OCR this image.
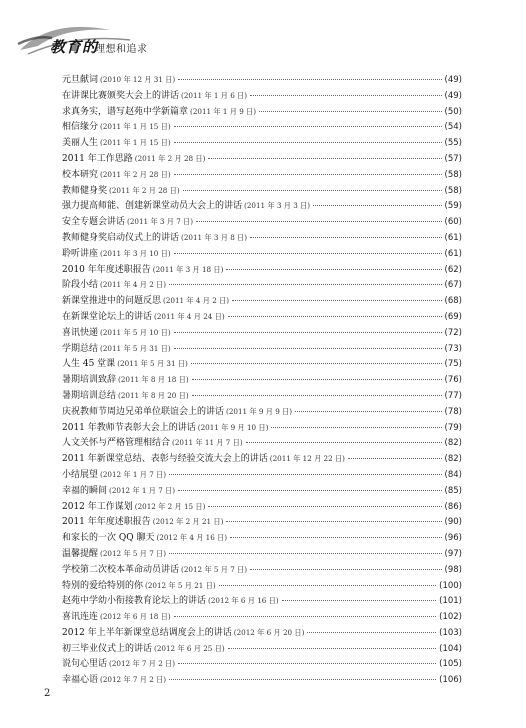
教育的
理想和追求
元旦献词 (2010 年 12 月 31 日)	(49)
在讲课比赛颁奖大会上的讲话 (2011 年 1 月 6 日)	(49)
求真务实，谱写赵苑中学新篇章 (2011 年 1 月 9 日)	(50)
相信缘分 (2011 年 1 月 15 日)	(54)
美丽人生 (2011 年 1 月 15 日)	(55)
2011 年工作思路 (2011 年 2 月 28 日)	(57)
校本研究 (2011 年 2 月 28 日)	(58)
教师健身奖 (2011 年 2 月 28 日)	(58)
强力提高师能、创建新课堂动员大会上的讲话 (2011 年 3 月 3 日)	(59)
安全专题会讲话 (2011 年 3 月 7 日)	(60)
教师健身奖启动仪式上的讲话 (2011 年 3 月 8 日)	(61)
聆听讲座 (2011 年 3 月 10 日)	(61)
2010 年年度述职报告 (2011 年 3 月 18 日)	(62)
阶段小结 (2011 年 4 月 2 日)	(67)
新课堂推进中的问题反思 (2011 年 4 月 2 日)	(68)
在新课堂论坛上的讲话 (2011 年 4 月 24 日)	(69)
喜讯快递 (2011 年 5 月 10 日)	(72)
学期总结 (2011 年 5 月 31 日)	(73)
人生 45 堂课 (2011 年 5 月 31 日)	(75)
暑期培训致辞 (2011 年 8 月 18 日)	(76)
暑期培训总结 (2011 年 8 月 20 日)	(77)
庆祝教师节周边兄弟单位联谊会上的讲话 (2011 年 9 月 9 日)	(78)
2011 年教师节表彰大会上的讲话 (2011 年 9 月 10 日)	(79)
人文关怀与严格管理相结合 (2011 年 11 月 7 日)	(82)
2011 年新课堂总结、表彰与经验交流大会上的讲话 (2011 年 12 月 22 日)	(82)
小结展望 (2012 年 1 月 7 日)	(84)
幸福的瞬间 (2012 年 1 月 7 日)	(85)
2012 年工作谋划 (2012 年 2 月 15 日)	(86)
2011 年年度述职报告 (2012 年 2 月 21 日)	(90)
和家长的一次 QQ 聊天 (2012 年 4 月 16 日)	(96)
温馨提醒 (2012 年 5 月 7 日)	(97)
学校第二次校本革命动员讲话 (2012 年 5 月 7 日)	(98)
特别的爱给特别的你 (2012 年 5 月 21 日)	(100)
赵苑中学幼小衔接教育论坛上的讲话 (2012 年 6 月 16 日)	(101)
喜讯连连 (2012 年 6 月 18 日)	(102)
2012 年上半年新课堂总结调度会上的讲话 (2012 年 6 月 20 日)	(103)
初三毕业仪式上的讲话 (2012 年 6 月 25 日)	(104)
说句心里话 (2012 年 7 月 2 日)	(105)
幸福心语 (2012 年 7 月 2 日)	(106)
2
